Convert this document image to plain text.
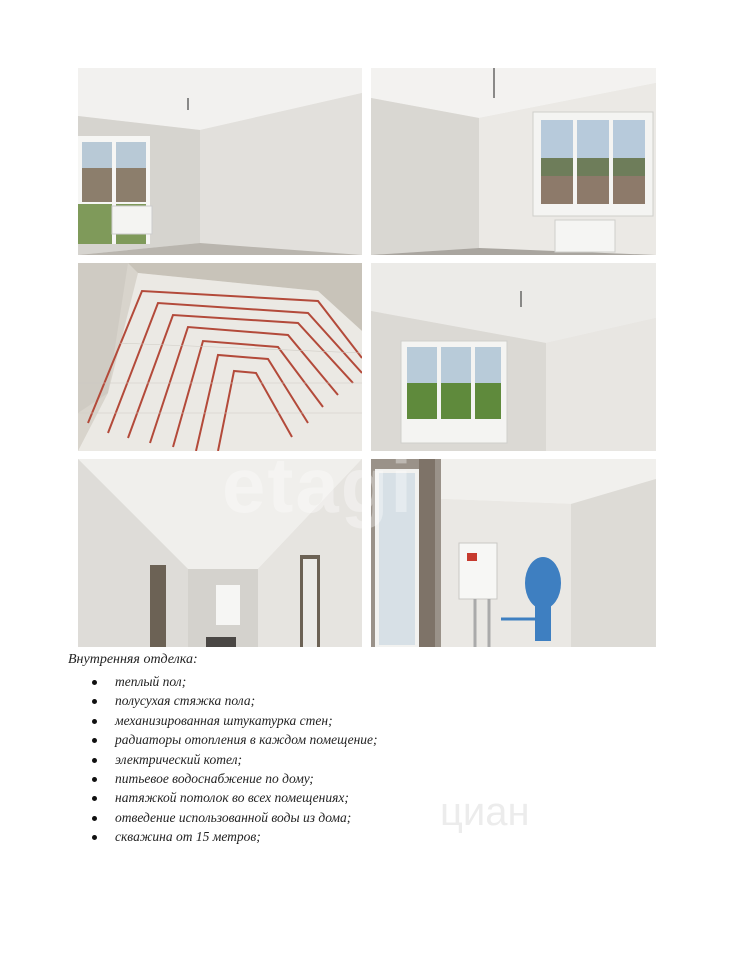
etagi
циан

Внутренняя отделка:

теплый пол;
полусухая стяжка пола;
механизированная штукатурка стен;
радиаторы отопления в каждом помещение;
электрический котел;
питьевое водоснабжение по дому;
натяжкой потолок во всех помещениях;
отведение использованной воды из дома;
скважина от 15 метров;
